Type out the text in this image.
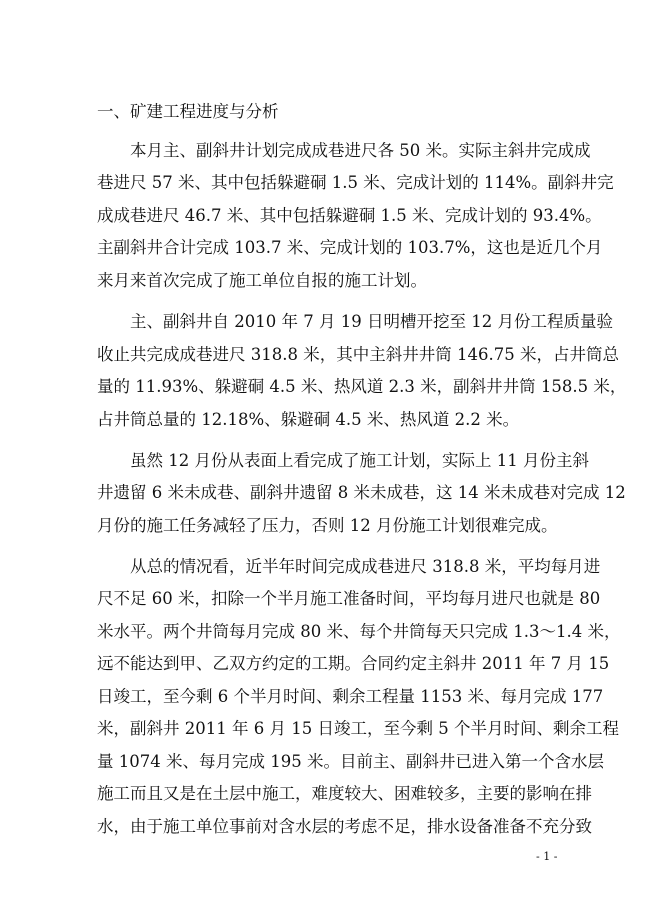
一、矿建工程进度与分析

本月主、副斜井计划完成成巷进尺各 50 米。实际主斜井完成成

巷进尺 57 米、其中包括躲避硐 1.5 米、完成计划的 114%。副斜井完

成成巷进尺 46.7 米、其中包括躲避硐 1.5 米、完成计划的 93.4%。

主副斜井合计完成 103.7 米、完成计划的 103.7%，这也是近几个月

来月来首次完成了施工单位自报的施工计划。

主、副斜井自 2010 年 7 月 19 日明槽开挖至 12 月份工程质量验

收止共完成成巷进尺 318.8 米，其中主斜井井筒 146.75 米，占井筒总

量的 11.93%、躲避硐 4.5 米、热风道 2.3 米，副斜井井筒 158.5 米，

占井筒总量的 12.18%、躲避硐 4.5 米、热风道 2.2 米。

虽然 12 月份从表面上看完成了施工计划，实际上 11 月份主斜

井遗留 6 米未成巷、副斜井遗留 8 米未成巷，这 14 米未成巷对完成 12

月份的施工任务减轻了压力，否则 12 月份施工计划很难完成。

从总的情况看，近半年时间完成成巷进尺 318.8 米，平均每月进

尺不足 60 米，扣除一个半月施工准备时间，平均每月进尺也就是 80

米水平。两个井筒每月完成 80 米、每个井筒每天只完成 1.3～1.4 米，

远不能达到甲、乙双方约定的工期。合同约定主斜井 2011 年 7 月 15

日竣工，至今剩 6 个半月时间、剩余工程量 1153 米、每月完成 177

米，副斜井 2011 年 6 月 15 日竣工，至今剩 5 个半月时间、剩余工程

量 1074 米、每月完成 195 米。目前主、副斜井已进入第一个含水层

施工而且又是在土层中施工，难度较大、困难较多，主要的影响在排

水，由于施工单位事前对含水层的考虑不足，排水设备准备不充分致

- 1 -
